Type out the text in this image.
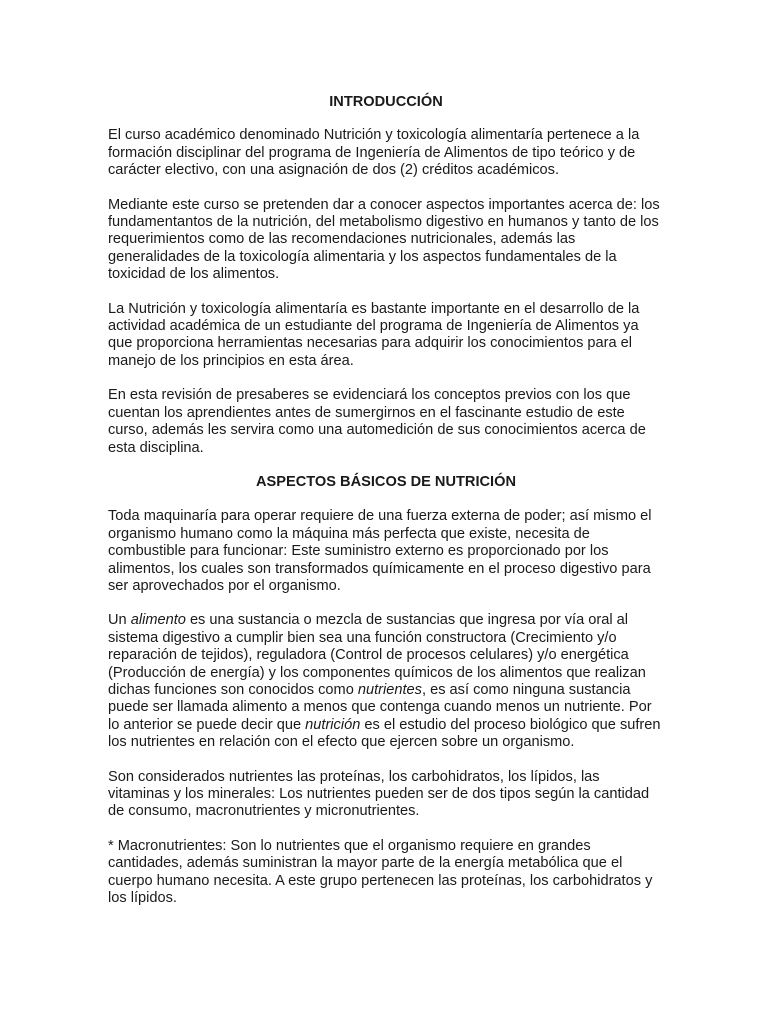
INTRODUCCIÓN

El curso académico denominado Nutrición y toxicología alimentaría pertenece a la formación disciplinar del programa de Ingeniería de Alimentos de tipo teórico y de carácter electivo, con una asignación de dos (2) créditos académicos.

Mediante este curso se pretenden dar a conocer aspectos importantes acerca de: los fundamentantos de la nutrición, del metabolismo digestivo en humanos y tanto de los requerimientos como de las recomendaciones nutricionales, además las generalidades de la toxicología alimentaria y los aspectos fundamentales de la toxicidad de los alimentos.

La Nutrición y toxicología alimentaría es bastante importante en el desarrollo de la actividad académica de un estudiante del programa de Ingeniería de Alimentos ya que proporciona herramientas necesarias para adquirir los conocimientos para el manejo de los principios en esta área.

En esta revisión de presaberes se evidenciará los conceptos previos con los que cuentan los aprendientes antes de sumergirnos en el fascinante estudio de este curso, además les servira como una automedición de sus conocimientos acerca de esta disciplina.

ASPECTOS BÁSICOS DE NUTRICIÓN

Toda maquinaría para operar requiere de una fuerza externa de poder; así mismo el organismo humano como la máquina más perfecta que existe, necesita de combustible para funcionar: Este suministro externo es proporcionado por los alimentos, los cuales son transformados químicamente en el proceso digestivo para ser aprovechados por el organismo.

Un alimento es una sustancia o mezcla de sustancias que ingresa por vía oral al sistema digestivo a cumplir bien sea una función constructora (Crecimiento y/o reparación de tejidos), reguladora (Control de procesos celulares) y/o energética (Producción de energía) y los componentes químicos de los alimentos que realizan dichas funciones son conocidos como nutrientes, es así como ninguna sustancia puede ser llamada alimento a menos que contenga cuando menos un nutriente. Por lo anterior se puede decir que nutrición es el estudio del proceso biológico que sufren los nutrientes en relación con el efecto que ejercen sobre un organismo.

Son considerados nutrientes las proteínas, los carbohidratos, los lípidos, las vitaminas y los minerales: Los nutrientes pueden ser de dos tipos según la cantidad de consumo, macronutrientes y micronutrientes.

* Macronutrientes: Son lo nutrientes que el organismo requiere en grandes cantidades, además suministran la mayor parte de la energía metabólica que el cuerpo humano necesita. A este grupo pertenecen las proteínas, los carbohidratos y los lípidos.
